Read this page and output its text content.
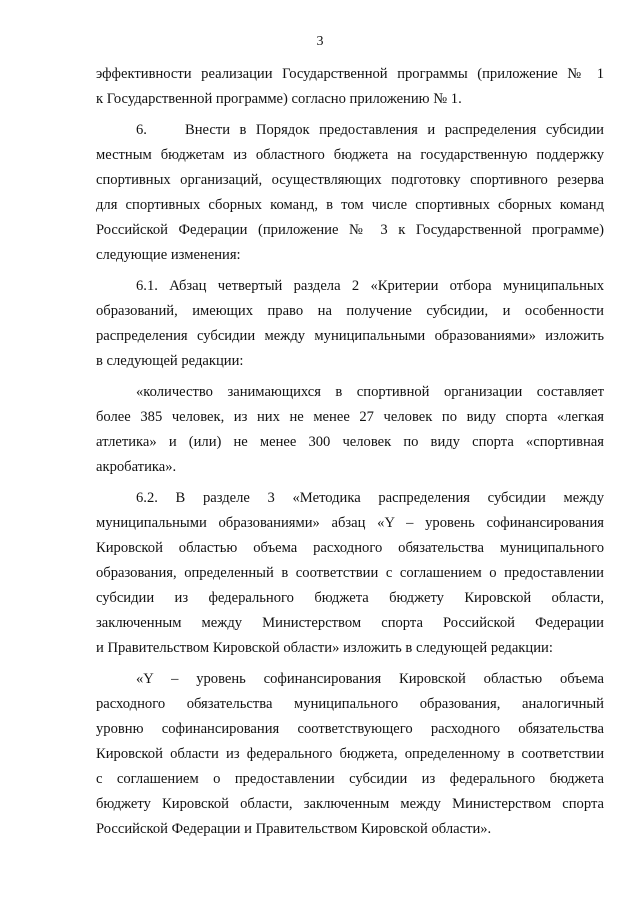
3
эффективности реализации Государственной программы (приложение № 1
к Государственной программе) согласно приложению № 1.
6.    Внести в Порядок предоставления и распределения субсидии
местным бюджетам из областного бюджета на государственную поддержку
спортивных организаций, осуществляющих подготовку спортивного резерва
для спортивных сборных команд, в том числе спортивных сборных команд
Российской Федерации (приложение № 3 к Государственной программе)
следующие изменения:
6.1. Абзац четвертый раздела 2 «Критерии отбора муниципальных
образований, имеющих право на получение субсидии, и особенности
распределения субсидии между муниципальными образованиями» изложить
в следующей редакции:
«количество занимающихся в спортивной организации составляет
более 385 человек, из них не менее 27 человек по виду спорта «легкая
атлетика» и (или) не менее 300 человек по виду спорта «спортивная
акробатика».
6.2. В разделе 3 «Методика распределения субсидии между
муниципальными образованиями» абзац «Y – уровень софинансирования
Кировской областью объема расходного обязательства муниципального
образования, определенный в соответствии с соглашением о предоставлении
субсидии из федерального бюджета бюджету Кировской области,
заключенным между Министерством спорта Российской Федерации
и Правительством Кировской области» изложить в следующей редакции:
«Y – уровень софинансирования Кировской областью объема
расходного обязательства муниципального образования, аналогичный
уровню софинансирования соответствующего расходного обязательства
Кировской области из федерального бюджета, определенному в соответствии
с соглашением о предоставлении субсидии из федерального бюджета
бюджету Кировской области, заключенным между Министерством спорта
Российской Федерации и Правительством Кировской области».
